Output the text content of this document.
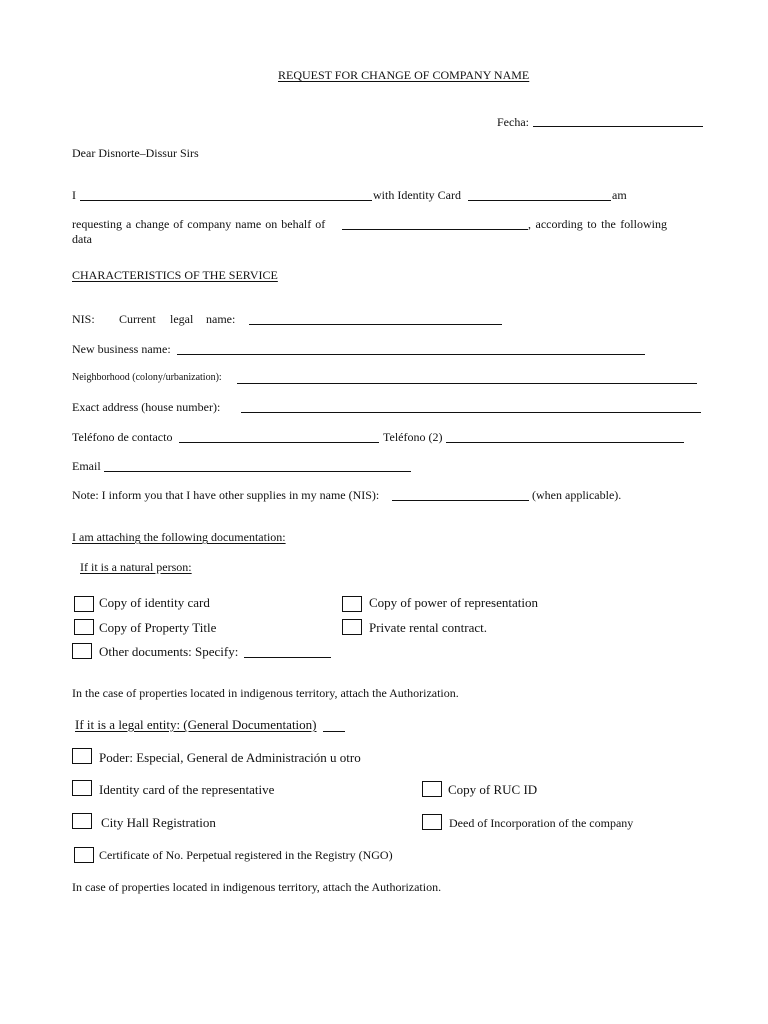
REQUEST FOR CHANGE OF COMPANY NAME
Fecha:
Dear Disnorte–Dissur Sirs
I	with Identity Card	am
requesting a change of company name on behalf of	, according to the following
data
CHARACTERISTICS OF THE SERVICE
NIS: Current legal name:
New business name:
Neighborhood (colony/urbanization):
Exact address (house number):
Teléfono de contacto	Teléfono (2)
Email
Note: I inform you that I have other supplies in my name (NIS):	(when applicable).
I am attaching the following documentation:
If it is a natural person:
Copy of identity card	Copy of power of representation
Copy of Property Title	Private rental contract.
Other documents: Specify:
In the case of properties located in indigenous territory, attach the Authorization.
If it is a legal entity: (General Documentation)
Poder: Especial, General de Administración u otro
Identity card of the representative	Copy of RUC ID
City Hall Registration	Deed of Incorporation of the company
Certificate of No. Perpetual registered in the Registry (NGO)
In case of properties located in indigenous territory, attach the Authorization.
